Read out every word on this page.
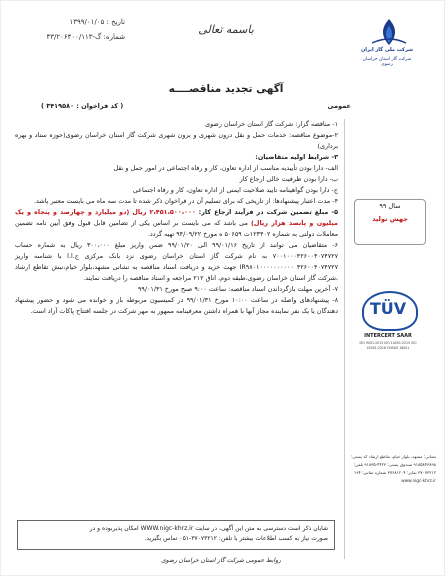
تاریخ : ۱۳۹۹/۰۱/۰۵
شماره: گ-۴۳/۲۰۶۴۰۰/۱۱۳
باسمه تعالی
شرکت ملی گاز ایران
شرکت گاز استان خراسان رضوی
آگهی تجدید مناقصــــه
عمومی
( کد فراخوان : ۳۴۱۹۵۸۰ )

۱- مناقصه گزار: شرکت گاز استان خراسان رضوی

۲-موضوع مناقصه: خدمات حمل و نقل درون شهری و برون شهری شرکت گاز استان خراسان رضوی(حوزه ستاد و بهره برداری)

۳- شرایط اولیه متقاضیان:

الف- دارا بودن تأییدیه مناسب از اداره تعاون، کار و رفاه اجتماعی در امور حمل و نقل

ب- دارا بودن ظرفیت خالی ارجاع کار

ج- دارا بودن گواهینامه تایید صلاحیت ایمنی از اداره تعاون، کار و رفاه اجتماعی

۴- مدت اعتبار پیشنهادها: از تاریخی که برای تسلیم آن در فراخوان ذکر شده تا مدت سه ماه می بایست معتبر باشد.

۵- مبلغ تضمین شرکت در فرآیند ارجاع کار: ۲،۴۵۱،۵۰۰،۰۰۰ ریال (دو میلیارد و چهارصد و پنجاه و یک میلیون و پانصد هزار ریال) می باشد که می بایست بر اساس یکی از تضامین قابل قبول وفق آیین نامه تضمین معاملات دولتی به شماره ۱۲۳۴۰۲ت ۵۰۶۵۹ ه مورخ ۹۴/۰۹/۲۲ تهیه گردد.

۶- متقاضیان می توانند از تاریخ ۹۹/۰۱/۱۶ الی ۹۹/۰۱/۲۰ ضمن واریز مبلغ ۳۰۰،۰۰۰ ریال به شماره حساب ۷۰۰۱۰۰۰۴۲۶۰۰۴۰۷۴۷۲۷ به نام شرکت گاز استان خراسان رضوی نزد بانک مرکزی ج.ا.ا با شناسه واریز IR۹۸۰۱۰۰۰۰۰۰۰۰۰۰ ۴۲۶۰۰۴۰۷۴۷۲۷ جهت خرید و دریافت اسناد مناقصه به نشانی مشهد،بلوار خیام،نبش تقاطع ارشاد ،شرکت گاز استان خراسان رضوی،طبقه دوم، اتاق ۲۱۲ مراجعه و اسناد مناقصه را دریافت نمایند.

۷- آخرین مهلت بازگرداندن اسناد مناقصه: ساعت ۹:۰۰ صبح مورخ ۹۹/۰۱/۳۱

۸- پیشنهادهای واصله در ساعت ۱۰:۰۰ مورخ ۹۹/۰۱/۳۱ در کمیسیون مربوطه باز و خوانده می شود و حضور پیشنهاد دهندگان یا یک نفر نماینده مجاز آنها با همراه داشتن معرفینامه ممهور به مهر شرکت در جلسه افتتاح پاکات آزاد است.

سال ۹۹
جهش تولید
TÜV
INTERCERT SAAR
ISO 9001:2015 ISO 14001:2015 ISO 45001:2018 OHSAS 18001
نشانی: مشهد، بلوار خیام، تقاطع ارشاد کد پستی: ۹۱۸۵۸۴۳۸۹۸ صندوق پستی: ۴۴۲۳-۹۱۸۳۵ تلفن: ۳۷۰۷۳۲۱۲ نمابر: ۳۷۶۸۱۲۰۴ شماره تماس: ۱۹۴ www.nigc-khrz.ir
شایان ذکر است دسترسی به متن این آگهی، در سایت WWW.nigc-khrz.ir امکان پذیربوده و در
صورت نیاز به کسب اطلاعات بیشتر با تلفن: ۳۷۰۷۳۲۱۲-۰۵۱ تماس بگیرید.
روابط عمومی شرکت گاز استان خراسان رضوی
